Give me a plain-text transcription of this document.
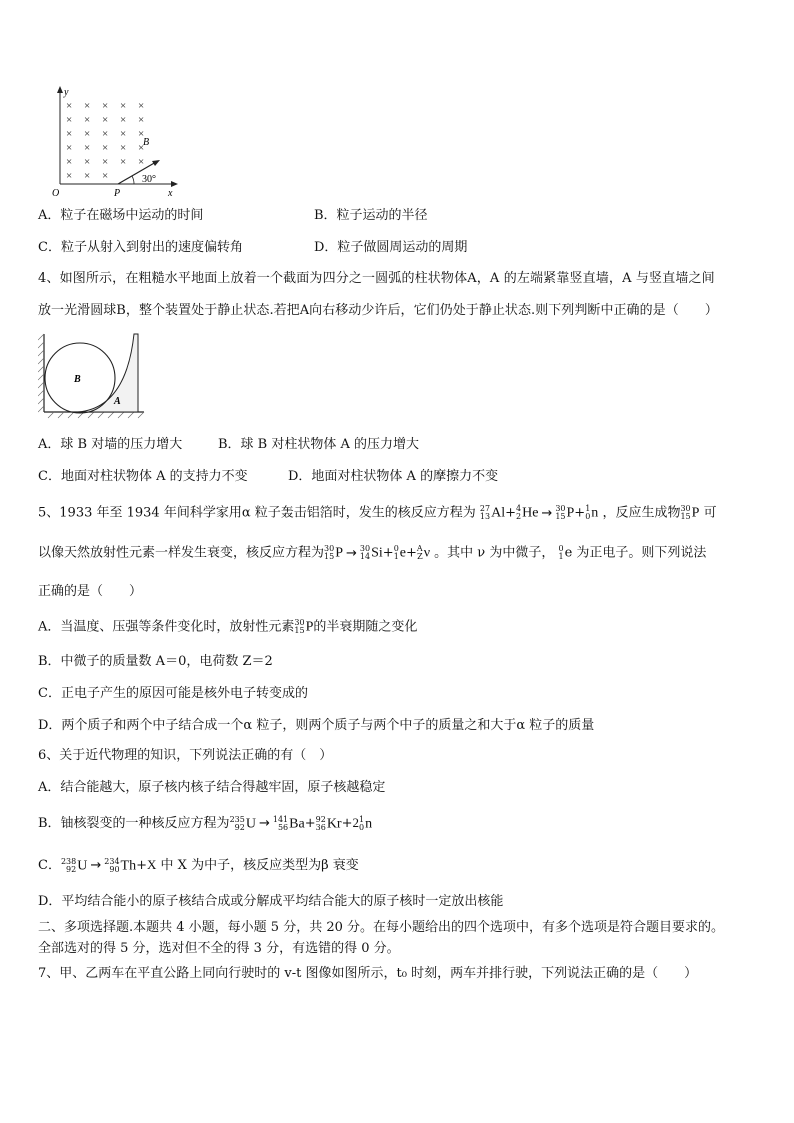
y
x
O	P
B
× × × × ×
× × × × ×
× × × × ×
× × × × ×
× × × × ×
× × ×	30°
A．粒子在磁场中运动的时间	B．粒子运动的半径
C．粒子从射入到射出的速度偏转角	D．粒子做圆周运动的周期
4、如图所示，在粗糙水平地面上放着一个截面为四分之一圆弧的柱状物体A，A 的左端紧靠竖直墙，A 与竖直墙之间
放一光滑圆球B，整个装置处于静止状态.若把A向右移动少许后，它们仍处于静止状态.则下列判断中正确的是（　　）
B
A
A．球 B 对墙的压力增大	B．球 B 对柱状物体 A 的压力增大
C．地面对柱状物体 A 的支持力不变	D．地面对柱状物体 A 的摩擦力不变
5、1933 年至 1934 年间科学家用α 粒子轰击铝箔时，发生的核反应方程为 27
13 Al+ 4
2 He → 30
15 P+ 1
0 n ，反应生成物 30
15 P 可
以像天然放射性元素一样发生衰变，核反应方程为 30
15 P → 30
14 Si+ 0
1 e+ A
Z ν 。其中 ν 为中微子， 0
1 e 为正电子。则下列说法
正确的是（　　）
A．当温度、压强等条件变化时，放射性元素 30
15 P的半衰期随之变化
B．中微子的质量数 A＝0，电荷数 Z＝2
C．正电子产生的原因可能是核外电子转变成的
D．两个质子和两个中子结合成一个α 粒子，则两个质子与两个中子的质量之和大于α 粒子的质量
6、关于近代物理的知识，下列说法正确的有（　）
A．结合能越大，原子核内核子结合得越牢固，原子核越稳定
B．铀核裂变的一种核反应方程为 235
92 U → 141
56 Ba+ 92
36 Kr+2 1
0 n
C． 238
92 U → 234
90 Th+X 中 X 为中子，核反应类型为β 衰变
D．平均结合能小的原子核结合成或分解成平均结合能大的原子核时一定放出核能
二、多项选择题.本题共 4 小题，每小题 5 分，共 20 分。在每小题给出的四个选项中，有多个选项是符合题目要求的。
全部选对的得 5 分，选对但不全的得 3 分，有选错的得 0 分。
7、甲、乙两车在平直公路上同向行驶时的 v-t 图像如图所示，t₀ 时刻，两车并排行驶，下列说法正确的是（　　）
